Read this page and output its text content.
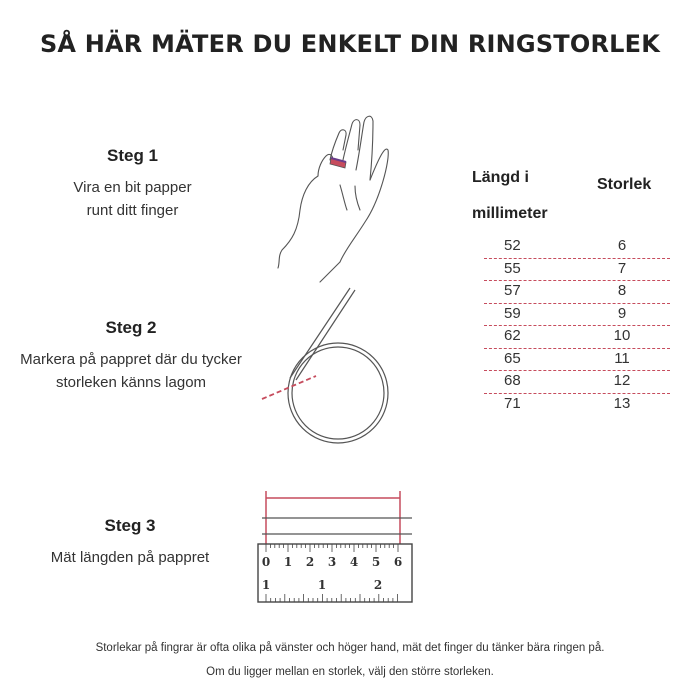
SÅ HÄR MÄTER DU ENKELT DIN RINGSTORLEK
Steg 1

Vira en bit papper

runt ditt finger

Steg 2

Markera på pappret där du tycker

storleken känns lagom

Steg 3

Mät längden på pappret	0 1 2 3 4 5 6
1	1	2
Längd i
millimeter
Storlek
52	6
55	7
57	8
59	9
62	10
65	11
68	12
71	13
Storlekar på fingrar är ofta olika på vänster och höger hand, mät det finger du tänker bära ringen på.
Om du ligger mellan en storlek, välj den större storleken.
